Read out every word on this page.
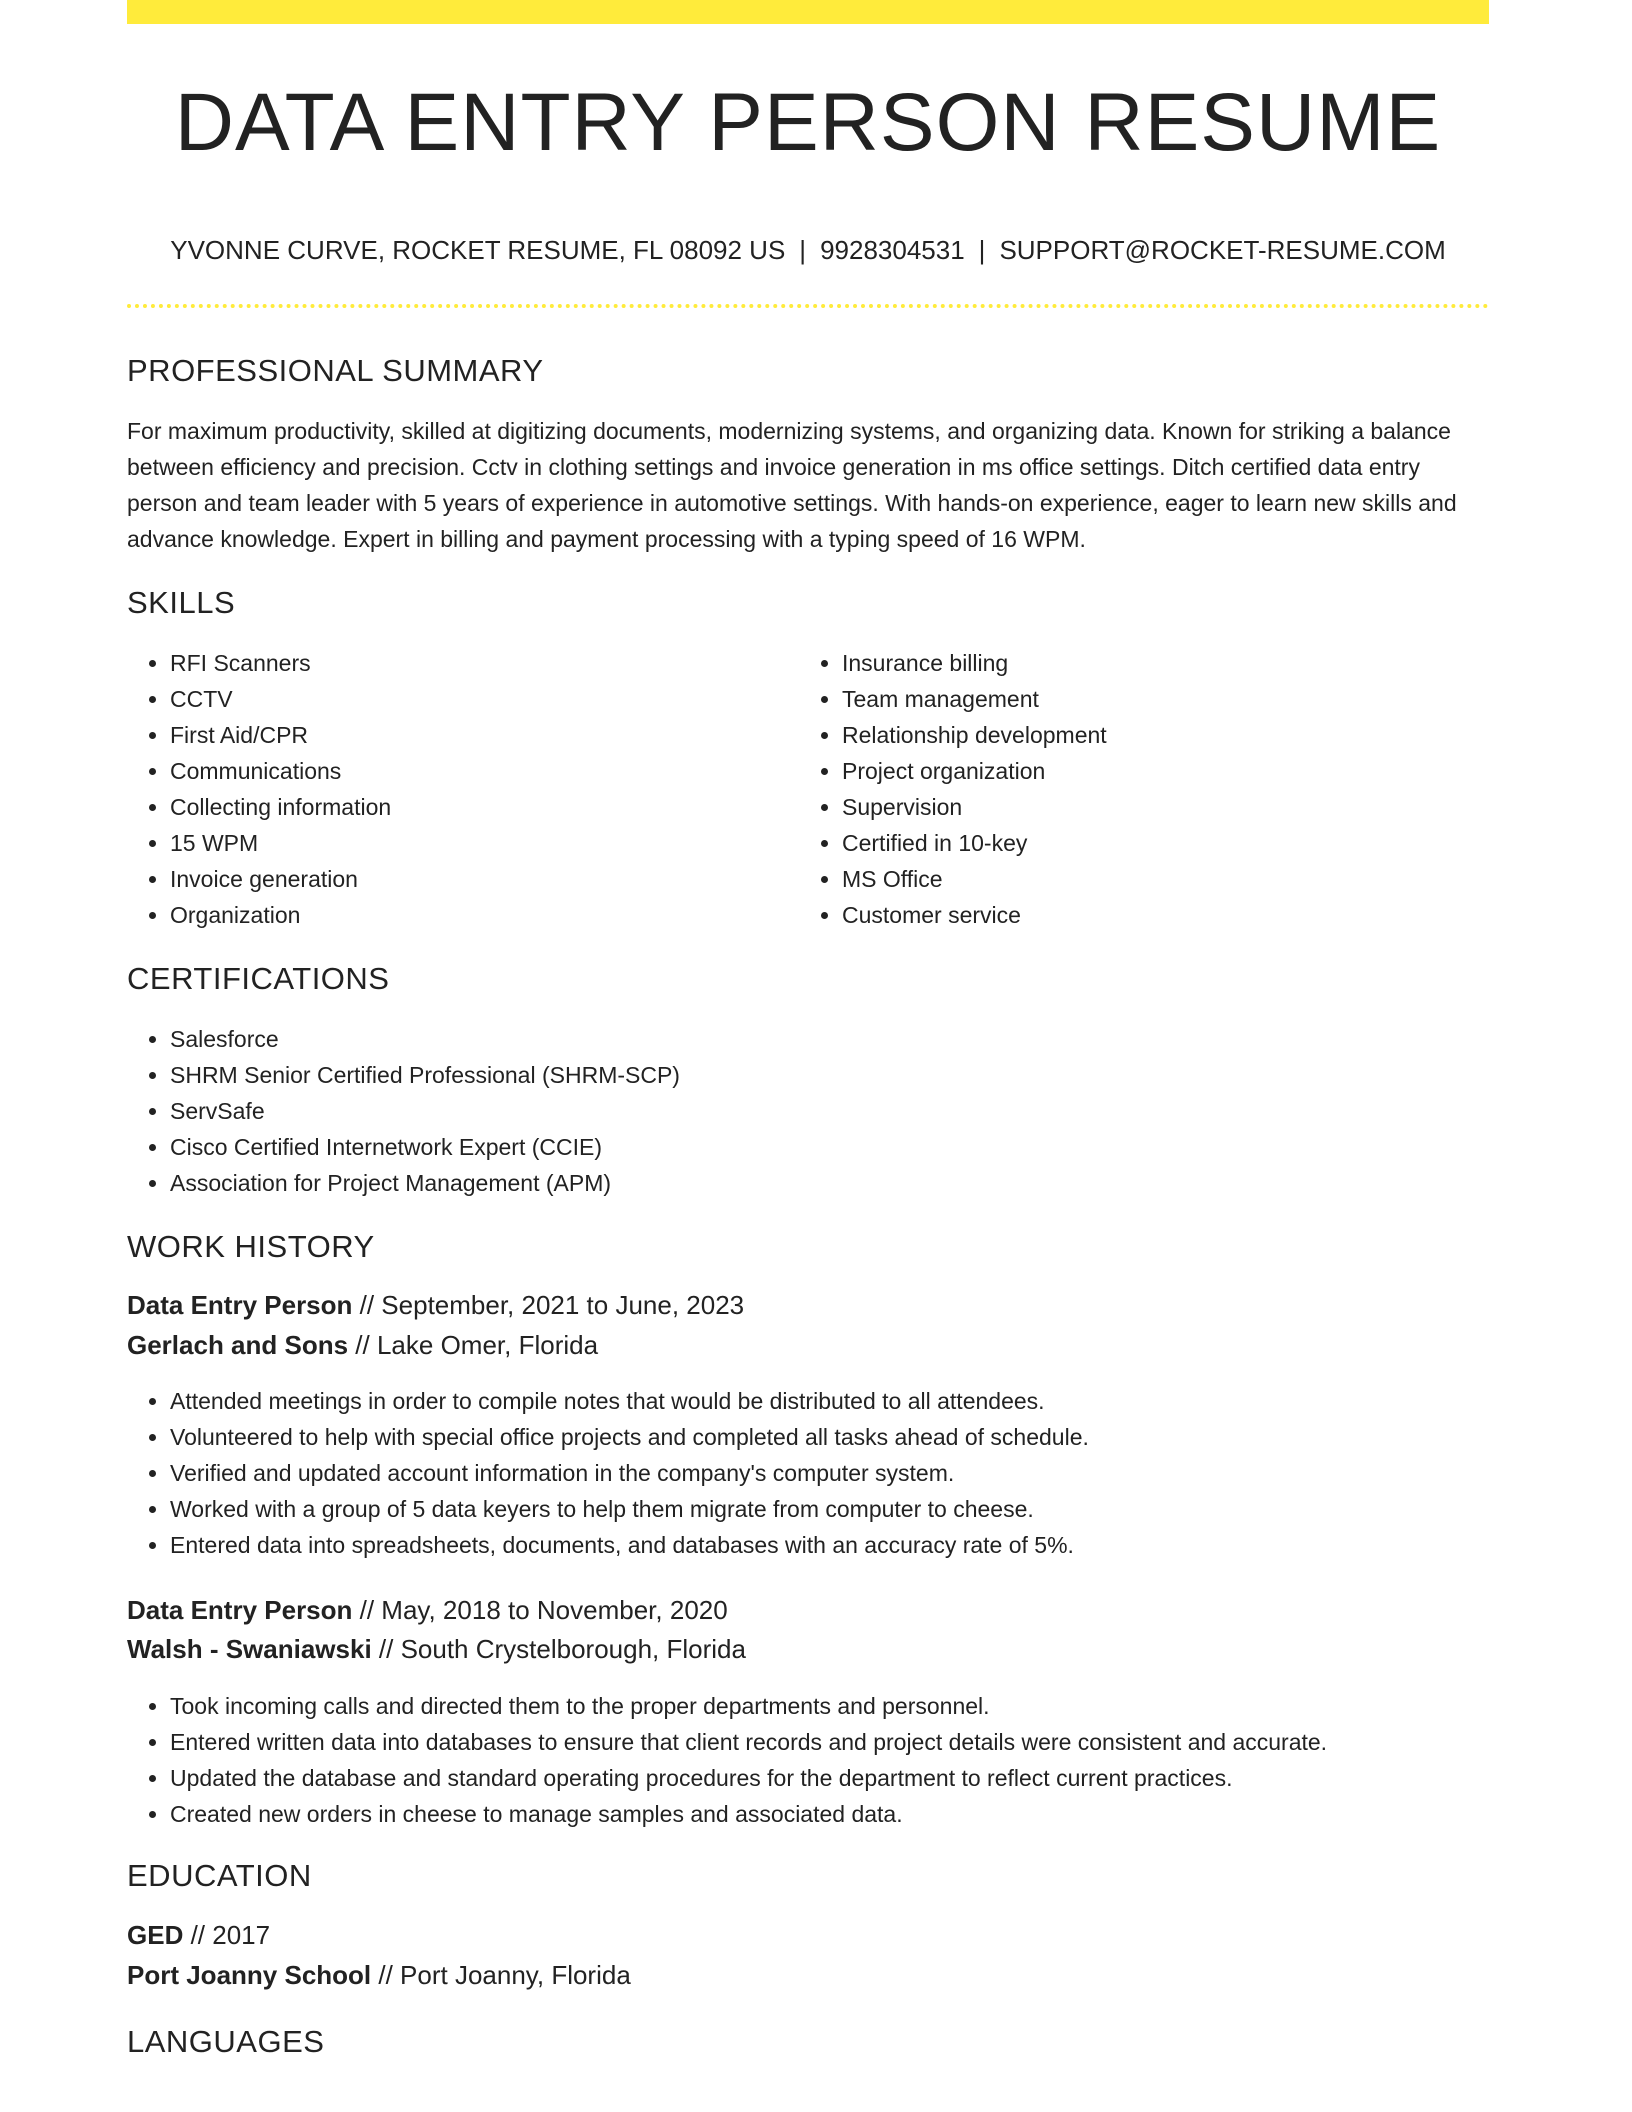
DATA ENTRY PERSON RESUME
YVONNE CURVE, ROCKET RESUME, FL 08092 US | 9928304531 | SUPPORT@ROCKET-RESUME.COM
PROFESSIONAL SUMMARY

For maximum productivity, skilled at digitizing documents, modernizing systems, and organizing data. Known for striking a balance between efficiency and precision. Cctv in clothing settings and invoice generation in ms office settings. Ditch certified data entry person and team leader with 5 years of experience in automotive settings. With hands-on experience, eager to learn new skills and advance knowledge. Expert in billing and payment processing with a typing speed of 16 WPM.

SKILLS
• RFI Scanners
• CCTV
• First Aid/CPR
• Communications
• Collecting information
• 15 WPM
• Invoice generation
• Organization
• Insurance billing
• Team management
• Relationship development
• Project organization
• Supervision
• Certified in 10-key
• MS Office
• Customer service
CERTIFICATIONS
• Salesforce
• SHRM Senior Certified Professional (SHRM-SCP)
• ServSafe
• Cisco Certified Internetwork Expert (CCIE)
• Association for Project Management (APM)
WORK HISTORY
Data Entry Person // September, 2021 to June, 2023
Gerlach and Sons // Lake Omer, Florida
• Attended meetings in order to compile notes that would be distributed to all attendees.
• Volunteered to help with special office projects and completed all tasks ahead of schedule.
• Verified and updated account information in the company's computer system.
• Worked with a group of 5 data keyers to help them migrate from computer to cheese.
• Entered data into spreadsheets, documents, and databases with an accuracy rate of 5%.
Data Entry Person // May, 2018 to November, 2020
Walsh - Swaniawski // South Crystelborough, Florida
• Took incoming calls and directed them to the proper departments and personnel.
• Entered written data into databases to ensure that client records and project details were consistent and accurate.
• Updated the database and standard operating procedures for the department to reflect current practices.
• Created new orders in cheese to manage samples and associated data.
EDUCATION
GED // 2017
Port Joanny School // Port Joanny, Florida
LANGUAGES
